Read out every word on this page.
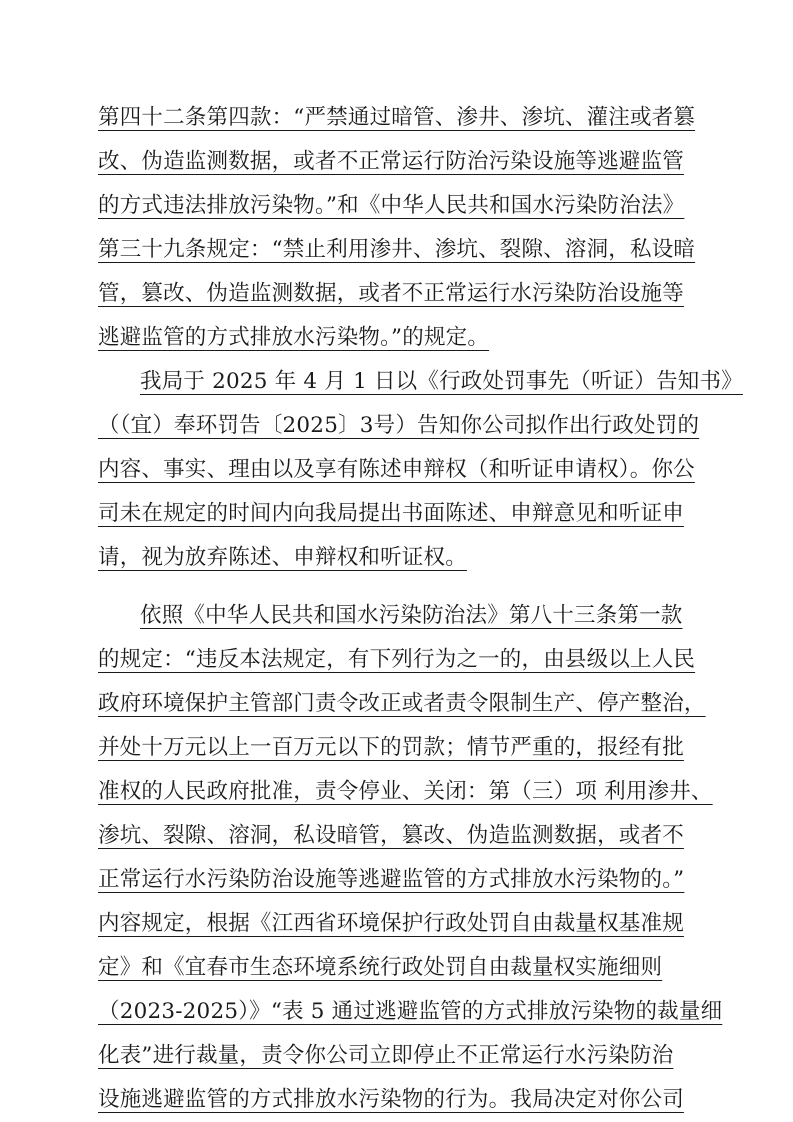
第四十二条第四款：“严禁通过暗管、渗井、渗坑、灌注或者篡
改、伪造监测数据，或者不正常运行防治污染设施等逃避监管
的方式违法排放污染物。”和《中华人民共和国水污染防治法》
第三十九条规定：“禁止利用渗井、渗坑、裂隙、溶洞，私设暗
管，篡改、伪造监测数据，或者不正常运行水污染防治设施等
逃避监管的方式排放水污染物。”的规定。
我局于 2025 年 4 月 1 日以《行政处罚事先（听证）告知书》
（（宜）奉环罚告〔2025〕3号）告知你公司拟作出行政处罚的
内容、事实、理由以及享有陈述申辩权（和听证申请权）。你公
司未在规定的时间内向我局提出书面陈述、申辩意见和听证申
请，视为放弃陈述、申辩权和听证权。
依照《中华人民共和国水污染防治法》第八十三条第一款
的规定：“违反本法规定，有下列行为之一的，由县级以上人民
政府环境保护主管部门责令改正或者责令限制生产、停产整治，
并处十万元以上一百万元以下的罚款；情节严重的，报经有批
准权的人民政府批准，责令停业、关闭：第（三）项 利用渗井、
渗坑、裂隙、溶洞，私设暗管，篡改、伪造监测数据，或者不
正常运行水污染防治设施等逃避监管的方式排放水污染物的。”
内容规定，根据《江西省环境保护行政处罚自由裁量权基准规
定》和《宜春市生态环境系统行政处罚自由裁量权实施细则
（2023-2025）》“表 5 通过逃避监管的方式排放污染物的裁量细
化表”进行裁量，责令你公司立即停止不正常运行水污染防治
设施逃避监管的方式排放水污染物的行为。我局决定对你公司
